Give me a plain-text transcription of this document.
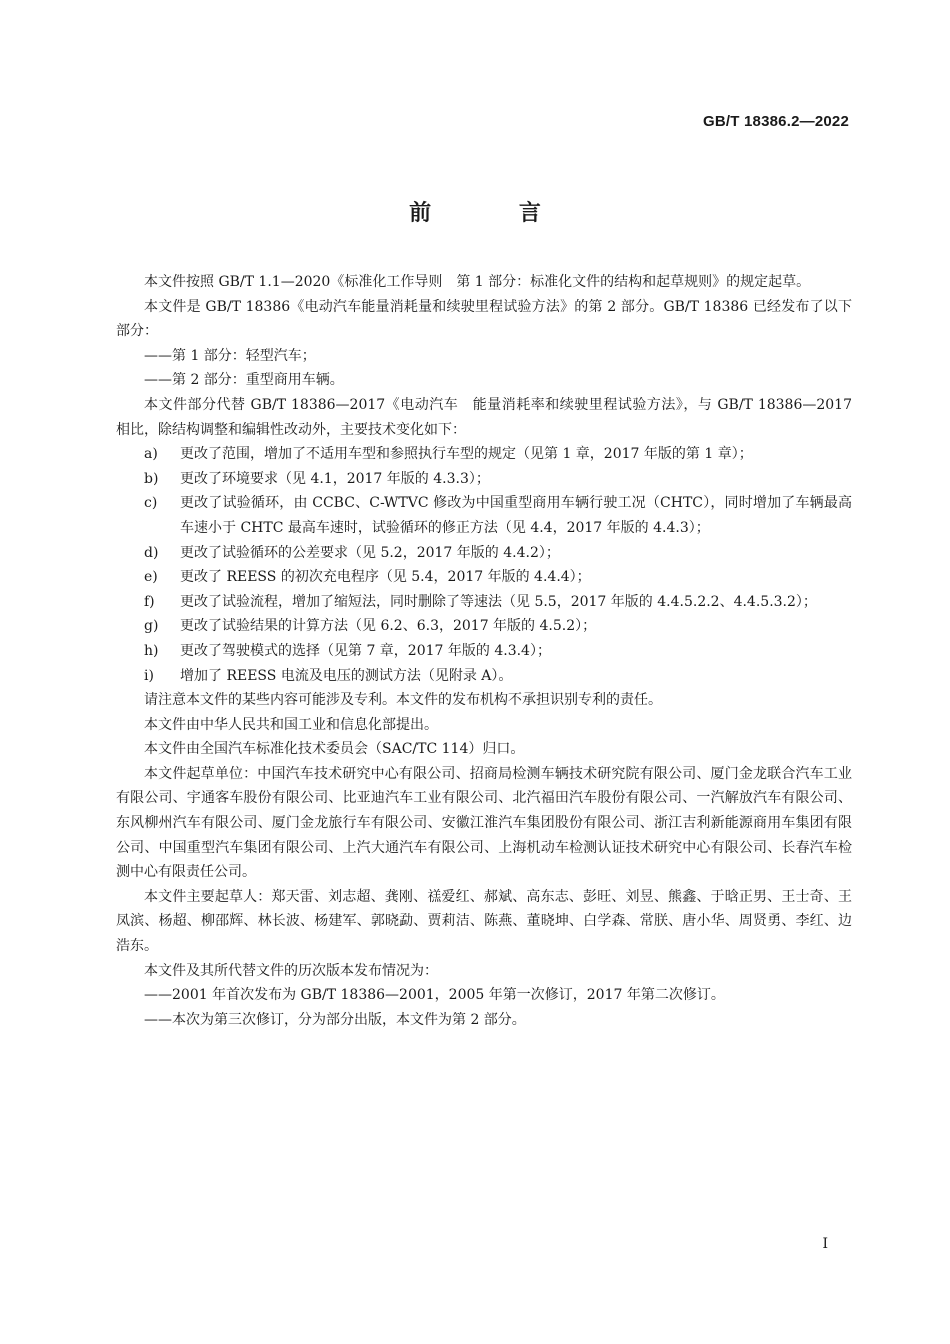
GB/T 18386.2—2022
前 言

本文件按照 GB/T 1.1—2020《标准化工作导则　第 1 部分：标准化文件的结构和起草规则》的规定起草。

本文件是 GB/T 18386《电动汽车能量消耗量和续驶里程试验方法》的第 2 部分。GB/T 18386 已经发布了以下部分：

——第 1 部分：轻型汽车；

——第 2 部分：重型商用车辆。

本文件部分代替 GB/T 18386—2017《电动汽车　能量消耗率和续驶里程试验方法》，与 GB/T 18386—2017 相比，除结构调整和编辑性改动外，主要技术变化如下：

a)	更改了范围，增加了不适用车型和参照执行车型的规定（见第 1 章，2017 年版的第 1 章）；
b)	更改了环境要求（见 4.1，2017 年版的 4.3.3）；
c)	更改了试验循环，由 CCBC、C-WTVC 修改为中国重型商用车辆行驶工况（CHTC），同时增加了车辆最高车速小于 CHTC 最高车速时，试验循环的修正方法（见 4.4，2017 年版的 4.4.3）；
d)	更改了试验循环的公差要求（见 5.2，2017 年版的 4.4.2）；
e)	更改了 REESS 的初次充电程序（见 5.4，2017 年版的 4.4.4）；
f)	更改了试验流程，增加了缩短法，同时删除了等速法（见 5.5，2017 年版的 4.4.5.2.2、4.4.5.3.2）；
g)	更改了试验结果的计算方法（见 6.2、6.3，2017 年版的 4.5.2）；
h)	更改了驾驶模式的选择（见第 7 章，2017 年版的 4.3.4）；
i)	增加了 REESS 电流及电压的测试方法（见附录 A）。

请注意本文件的某些内容可能涉及专利。本文件的发布机构不承担识别专利的责任。

本文件由中华人民共和国工业和信息化部提出。

本文件由全国汽车标准化技术委员会（SAC/TC 114）归口。

本文件起草单位：中国汽车技术研究中心有限公司、招商局检测车辆技术研究院有限公司、厦门金龙联合汽车工业有限公司、宇通客车股份有限公司、比亚迪汽车工业有限公司、北汽福田汽车股份有限公司、一汽解放汽车有限公司、东风柳州汽车有限公司、厦门金龙旅行车有限公司、安徽江淮汽车集团股份有限公司、浙江吉利新能源商用车集团有限公司、中国重型汽车集团有限公司、上汽大通汽车有限公司、上海机动车检测认证技术研究中心有限公司、长春汽车检测中心有限责任公司。

本文件主要起草人：郑天雷、刘志超、龚刚、禚爱红、郝斌、高东志、彭旺、刘昱、熊鑫、于晗正男、王士奇、王凤滨、杨超、柳邵辉、林长波、杨建军、郭晓勐、贾莉洁、陈燕、董晓坤、白学森、常朕、唐小华、周贤勇、李红、边浩东。

本文件及其所代替文件的历次版本发布情况为：

——2001 年首次发布为 GB/T 18386—2001，2005 年第一次修订，2017 年第二次修订。

——本次为第三次修订，分为部分出版，本文件为第 2 部分。

I
